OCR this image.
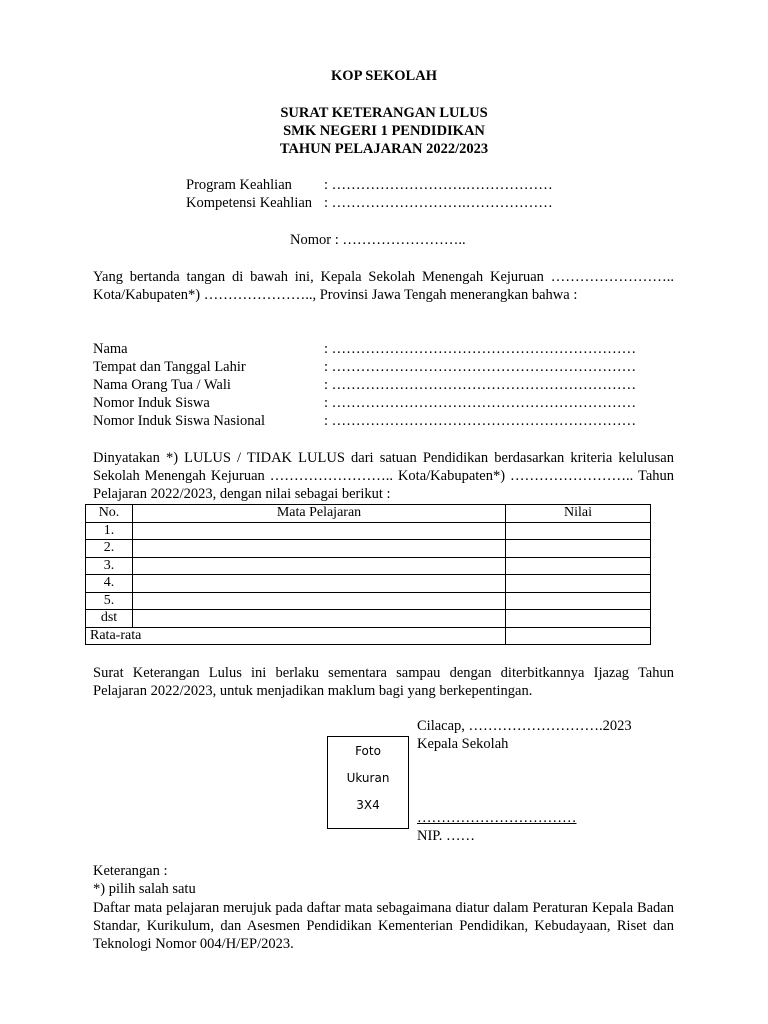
KOP SEKOLAH
SURAT KETERANGAN LULUS
SMK NEGERI 1 PENDIDIKAN
TAHUN PELAJARAN 2022/2023
Program Keahlian : ……………………….………………
Kompetensi Keahlian : ……………………….………………
Nomor : ……………………..
Yang bertanda tangan di bawah ini, Kepala Sekolah Menengah Kejuruan …………………….. Kota/Kabupaten*) ………………….., Provinsi Jawa Tengah menerangkan bahwa :
Nama	: ………………………………………………………
Tempat dan Tanggal Lahir	: ………………………………………………………
Nama Orang Tua / Wali	: ………………………………………………………
Nomor Induk Siswa	: ………………………………………………………
Nomor Induk Siswa Nasional	: ………………………………………………………
Dinyatakan *) LULUS / TIDAK LULUS dari satuan Pendidikan berdasarkan kriteria kelulusan Sekolah Menengah Kejuruan …………………….. Kota/Kabupaten*) …………………….. Tahun Pelajaran 2022/2023, dengan nilai sebagai berikut :
No.	Mata Pelajaran	Nilai
1.		
2.		
3.		
4.		
5.		
dst		
Rata-rata		
Surat Keterangan Lulus ini berlaku sementara sampau dengan diterbitkannya Ijazag Tahun Pelajaran 2022/2023, untuk menjadikan maklum bagi yang berkepentingan.
Foto
Ukuran
3X4
Cilacap, ……………………….2023
Kepala Sekolah
……………………………
NIP. ……
Keterangan :
*) pilih salah satu
Daftar mata pelajaran merujuk pada daftar mata sebagaimana diatur dalam Peraturan Kepala Badan Standar, Kurikulum, dan Asesmen Pendidikan Kementerian Pendidikan, Kebudayaan, Riset dan Teknologi Nomor 004/H/EP/2023.
